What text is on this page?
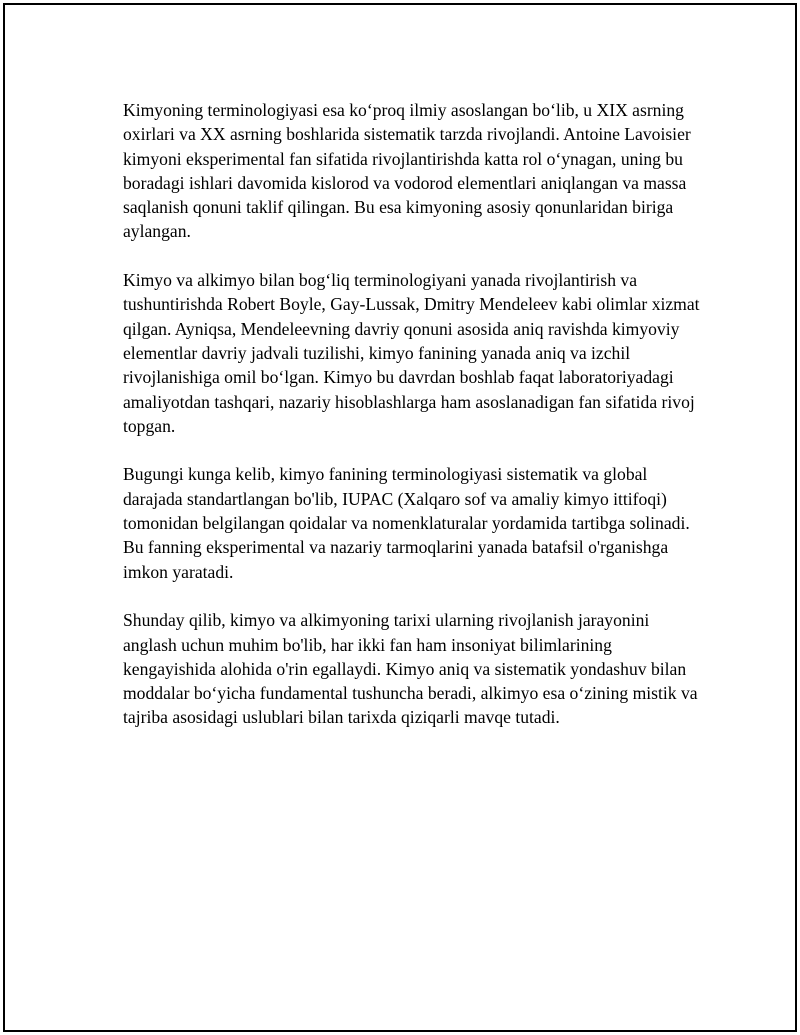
Kimyoning terminologiyasi esa koʻproq ilmiy asoslangan boʻlib, u XIX asrning oxirlari va XX asrning boshlarida sistematik tarzda rivojlandi. Antoine Lavoisier kimyoni eksperimental fan sifatida rivojlantirishda katta rol oʻynagan, uning bu boradagi ishlari davomida kislorod va vodorod elementlari aniqlangan va massa saqlanish qonuni taklif qilingan. Bu esa kimyoning asosiy qonunlaridan biriga aylangan.

Kimyo va alkimyo bilan bogʻliq terminologiyani yanada rivojlantirish va tushuntirishda Robert Boyle, Gay-Lussak, Dmitry Mendeleev kabi olimlar xizmat qilgan. Ayniqsa, Mendeleevning davriy qonuni asosida aniq ravishda kimyoviy elementlar davriy jadvali tuzilishi, kimyo fanining yanada aniq va izchil rivojlanishiga omil boʻlgan. Kimyo bu davrdan boshlab faqat laboratoriyadagi amaliyotdan tashqari, nazariy hisoblashlarga ham asoslanadigan fan sifatida rivoj topgan.

Bugungi kunga kelib, kimyo fanining terminologiyasi sistematik va global darajada standartlangan bo'lib, IUPAC (Xalqaro sof va amaliy kimyo ittifoqi) tomonidan belgilangan qoidalar va nomenklaturalar yordamida tartibga solinadi. Bu fanning eksperimental va nazariy tarmoqlarini yanada batafsil o'rganishga imkon yaratadi.

Shunday qilib, kimyo va alkimyoning tarixi ularning rivojlanish jarayonini anglash uchun muhim bo'lib, har ikki fan ham insoniyat bilimlarining kengayishida alohida o'rin egallaydi. Kimyo aniq va sistematik yondashuv bilan moddalar boʻyicha fundamental tushuncha beradi, alkimyo esa oʻzining mistik va tajriba asosidagi uslublari bilan tarixda qiziqarli mavqe tutadi.
